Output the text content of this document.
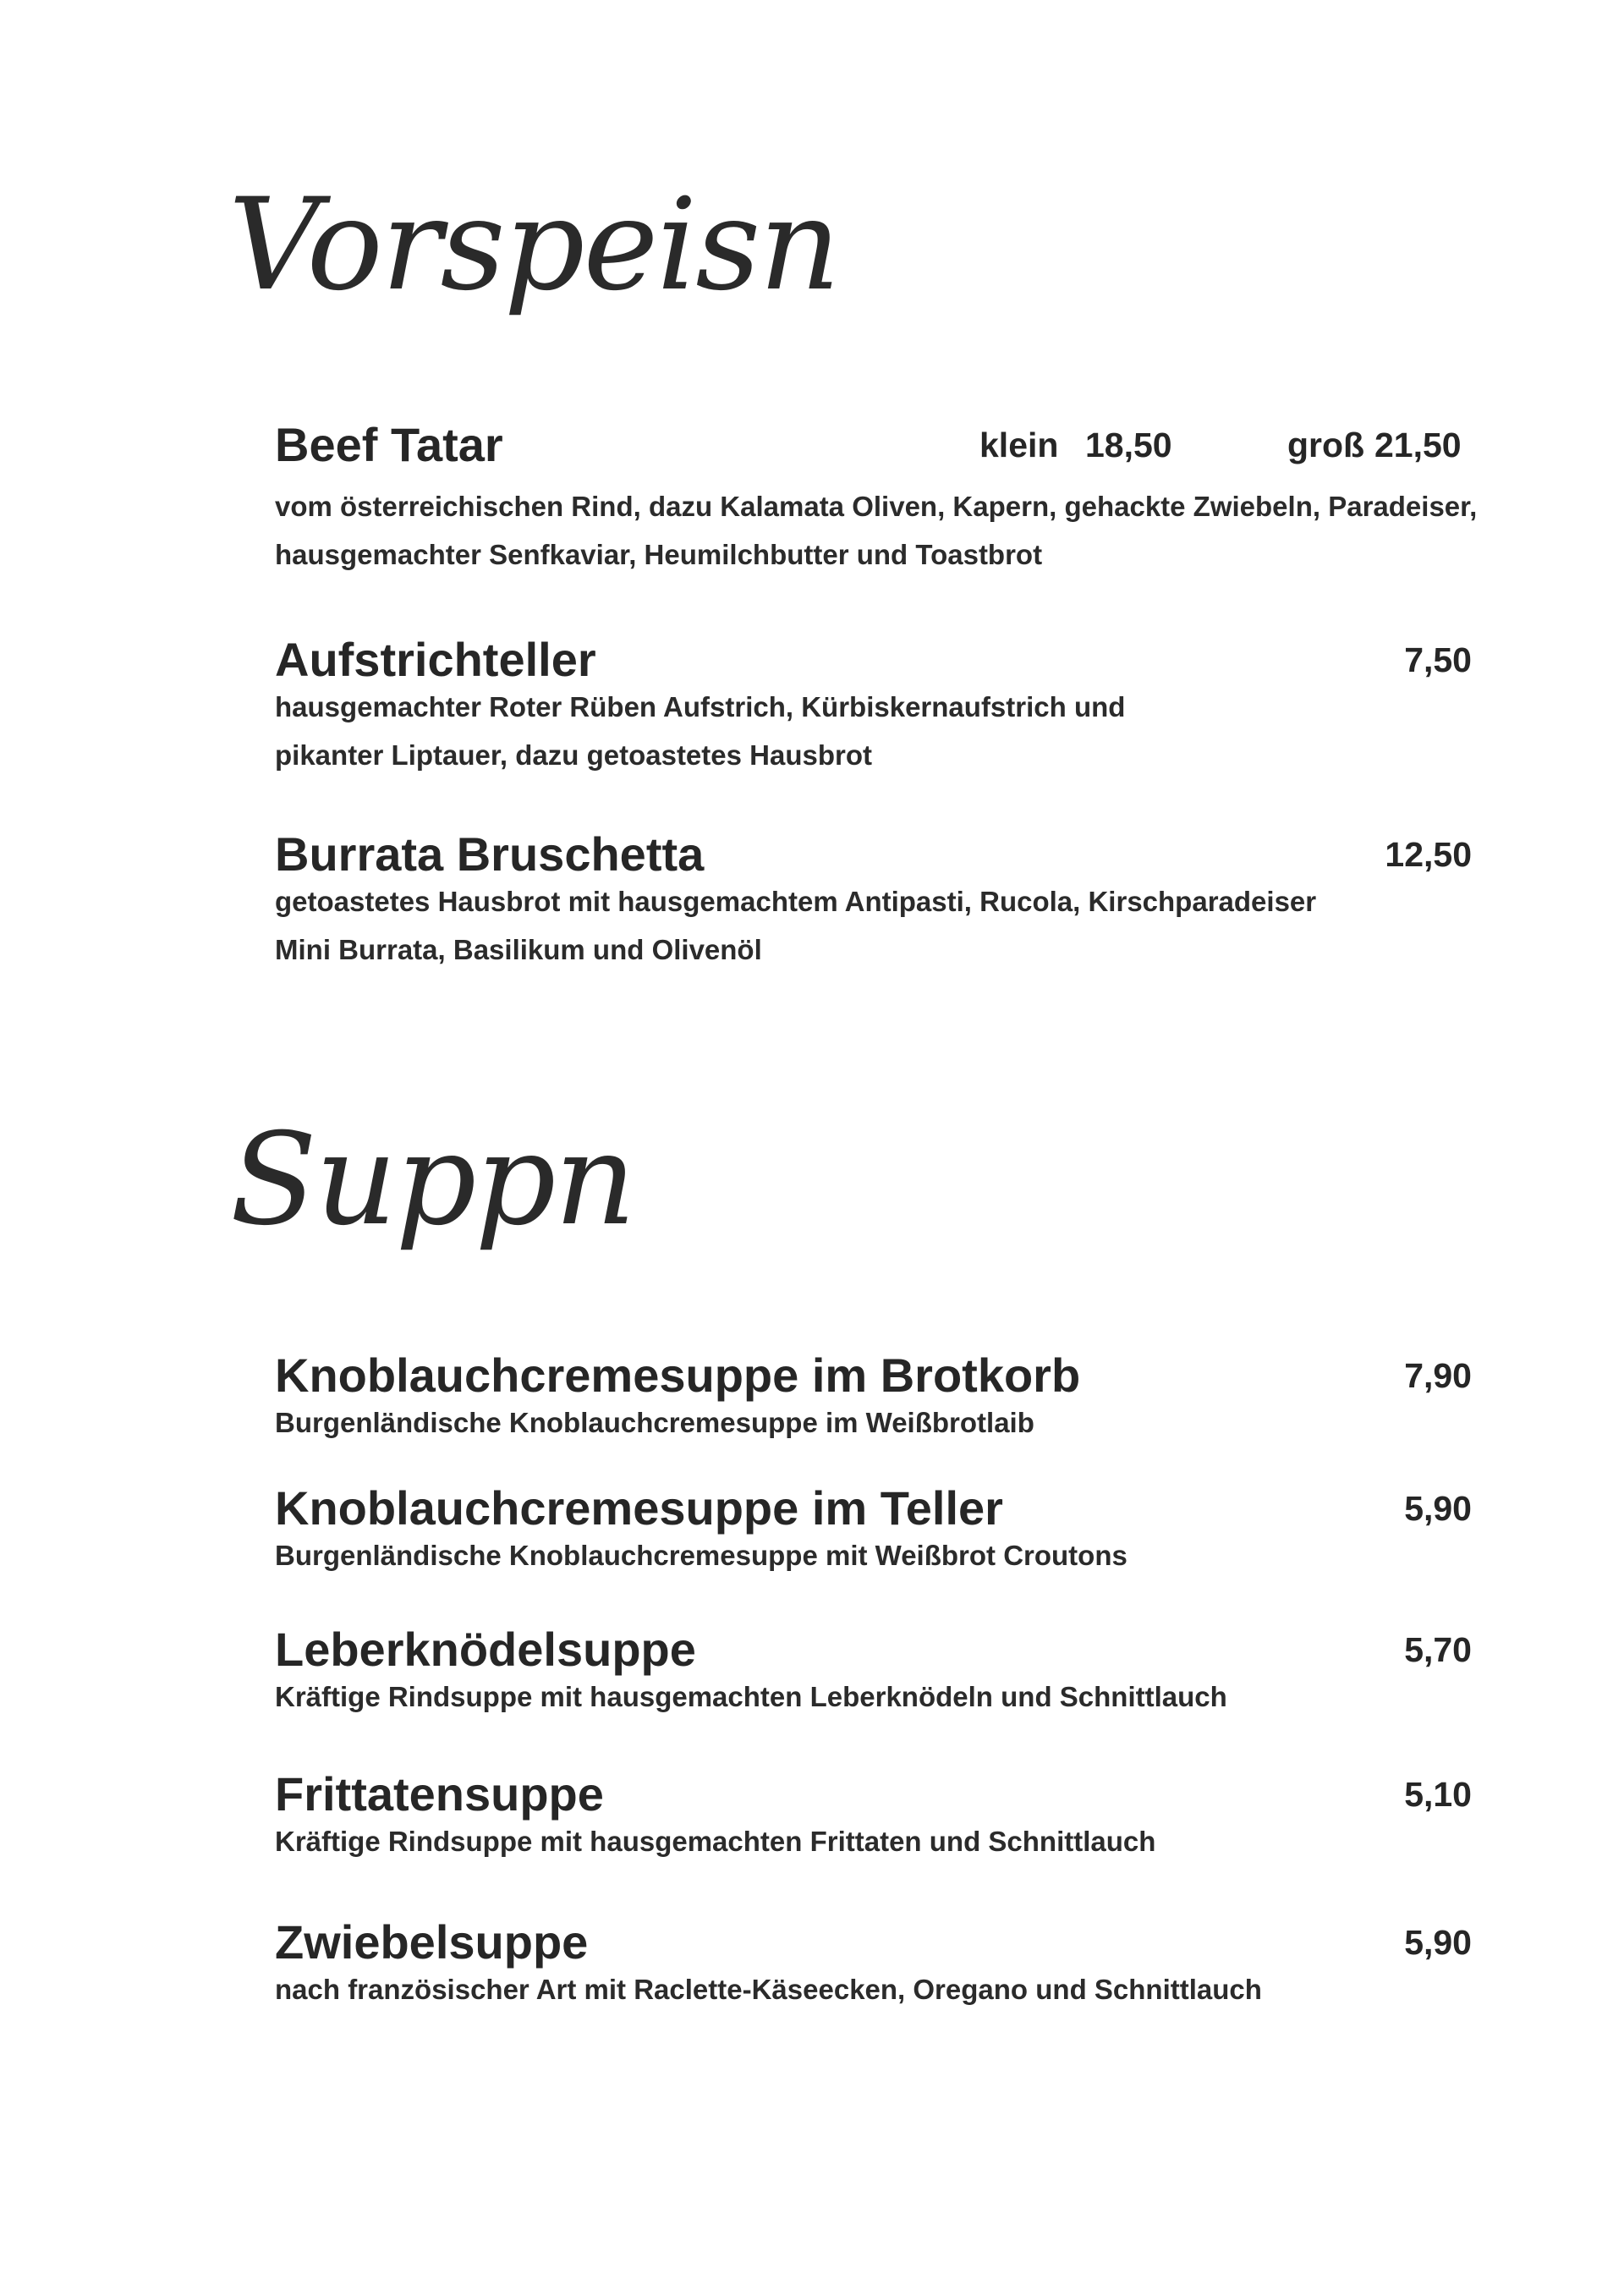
Vorspeisn
Beef Tatar	klein 18,50	groß 21,50
vom österreichischen Rind, dazu Kalamata Oliven, Kapern, gehackte Zwiebeln, Paradeiser,
hausgemachter Senfkaviar, Heumilchbutter und Toastbrot
Aufstrichteller	7,50
hausgemachter Roter Rüben Aufstrich, Kürbiskernaufstrich und
pikanter Liptauer, dazu getoastetes Hausbrot
Burrata Bruschetta	12,50
getoastetes Hausbrot mit hausgemachtem Antipasti, Rucola, Kirschparadeiser
Mini Burrata, Basilikum und Olivenöl
Suppn
Knoblauchcremesuppe im Brotkorb	7,90
Burgenländische Knoblauchcremesuppe im Weißbrotlaib
Knoblauchcremesuppe im Teller	5,90
Burgenländische Knoblauchcremesuppe mit Weißbrot Croutons
Leberknödelsuppe	5,70
Kräftige Rindsuppe mit hausgemachten Leberknödeln und Schnittlauch
Frittatensuppe	5,10
Kräftige Rindsuppe mit hausgemachten Frittaten und Schnittlauch
Zwiebelsuppe	5,90
nach französischer Art mit Raclette-Käseecken, Oregano und Schnittlauch
